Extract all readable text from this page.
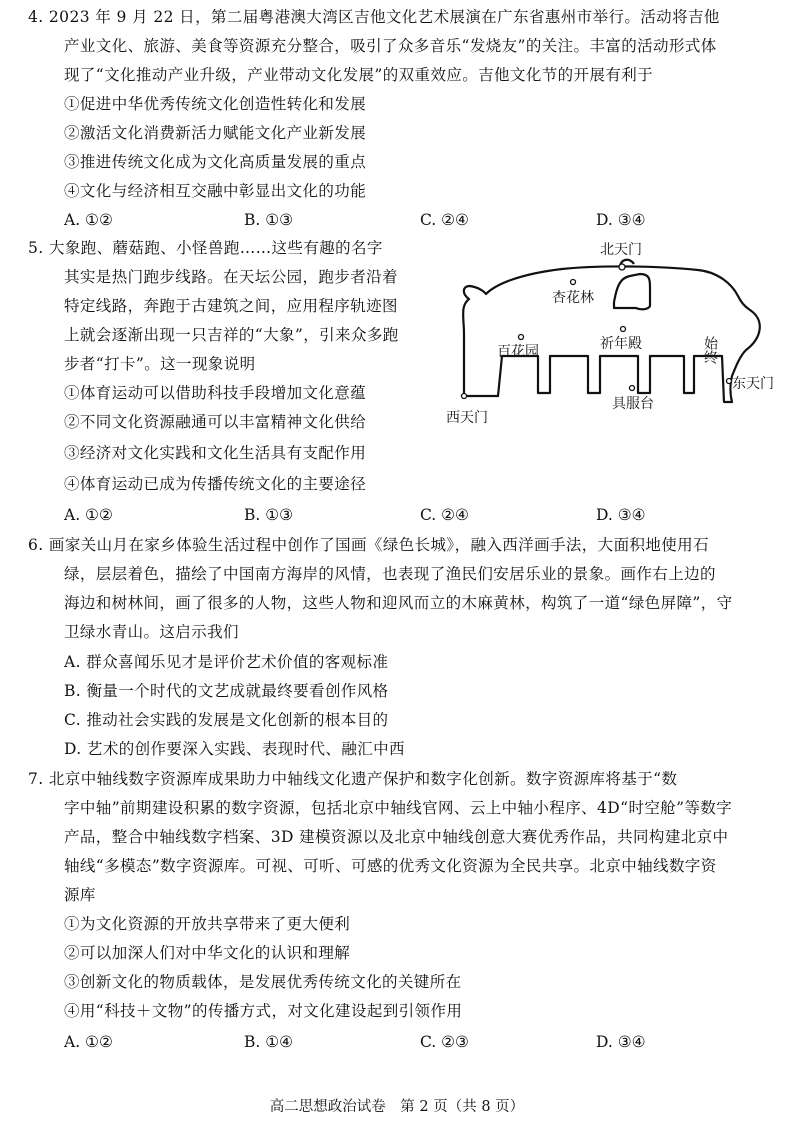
4. 2023 年 9 月 22 日，第二届粤港澳大湾区吉他文化艺术展演在广东省惠州市举行。活动将吉他
产业文化、旅游、美食等资源充分整合，吸引了众多音乐“发烧友”的关注。丰富的活动形式体
现了“文化推动产业升级，产业带动文化发展”的双重效应。吉他文化节的开展有利于
①促进中华优秀传统文化创造性转化和发展
②激活文化消费新活力赋能文化产业新发展
③推进传统文化成为文化高质量发展的重点
④文化与经济相互交融中彰显出文化的功能
A. ①②	B. ①③	C. ②④	D. ③④
5. 大象跑、蘑菇跑、小怪兽跑……这些有趣的名字
其实是热门跑步线路。在天坛公园，跑步者沿着
特定线路，奔跑于古建筑之间，应用程序轨迹图
上就会逐渐出现一只吉祥的“大象”，引来众多跑
步者“打卡”。这一现象说明
①体育运动可以借助科技手段增加文化意蕴
②不同文化资源融通可以丰富精神文化供给
③经济对文化实践和文化生活具有支配作用
④体育运动已成为传播传统文化的主要途径
A. ①②	B. ①③	C. ②④	D. ③④
北天门
杏花林
百花园	祈年殿
东天门
具服台
西天门
始终
6. 画家关山月在家乡体验生活过程中创作了国画《绿色长城》，融入西洋画手法，大面积地使用石
绿，层层着色，描绘了中国南方海岸的风情，也表现了渔民们安居乐业的景象。画作右上边的
海边和树林间，画了很多的人物，这些人物和迎风而立的木麻黄林，构筑了一道“绿色屏障”，守
卫绿水青山。这启示我们
A. 群众喜闻乐见才是评价艺术价值的客观标准
B. 衡量一个时代的文艺成就最终要看创作风格
C. 推动社会实践的发展是文化创新的根本目的
D. 艺术的创作要深入实践、表现时代、融汇中西
7. 北京中轴线数字资源库成果助力中轴线文化遗产保护和数字化创新。数字资源库将基于“数
字中轴”前期建设积累的数字资源，包括北京中轴线官网、云上中轴小程序、4D“时空舱”等数字
产品，整合中轴线数字档案、3D 建模资源以及北京中轴线创意大赛优秀作品，共同构建北京中
轴线“多模态”数字资源库。可视、可听、可感的优秀文化资源为全民共享。北京中轴线数字资
源库
①为文化资源的开放共享带来了更大便利
②可以加深人们对中华文化的认识和理解
③创新文化的物质载体，是发展优秀传统文化的关键所在
④用“科技＋文物”的传播方式，对文化建设起到引领作用
A. ①②	B. ①④	C. ②③	D. ③④
高二思想政治试卷　第 2 页（共 8 页）
